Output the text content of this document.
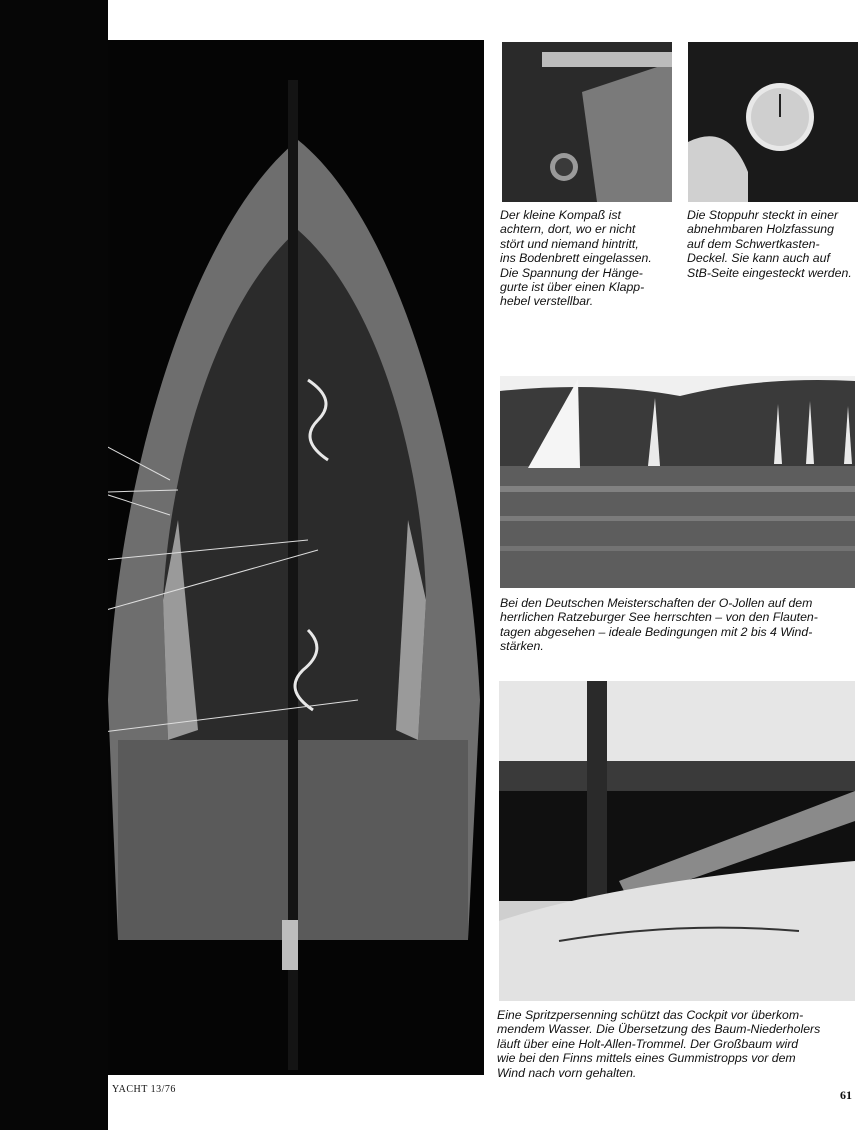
Der kleine Kompaß ist
achtern, dort, wo er nicht
stört und niemand hintritt,
ins Bodenbrett eingelassen.
Die Spannung der Hänge-
gurte ist über einen Klapp-
hebel verstellbar.
Die Stoppuhr steckt in einer
abnehmbaren Holzfassung
auf dem Schwertkasten-
Deckel. Sie kann auch auf
StB-Seite eingesteckt werden.
Bei den Deutschen Meisterschaften der O-Jollen auf dem
herrlichen Ratzeburger See herrschten – von den Flauten-
tagen abgesehen – ideale Bedingungen mit 2 bis 4 Wind-
stärken.
Eine Spritzpersenning schützt das Cockpit vor überkom-
mendem Wasser. Die Übersetzung des Baum-Niederholers
läuft über eine Holt-Allen-Trommel. Der Großbaum wird
wie bei den Finns mittels eines Gummistropps vor dem
Wind nach vorn gehalten.
YACHT 13/76	61
